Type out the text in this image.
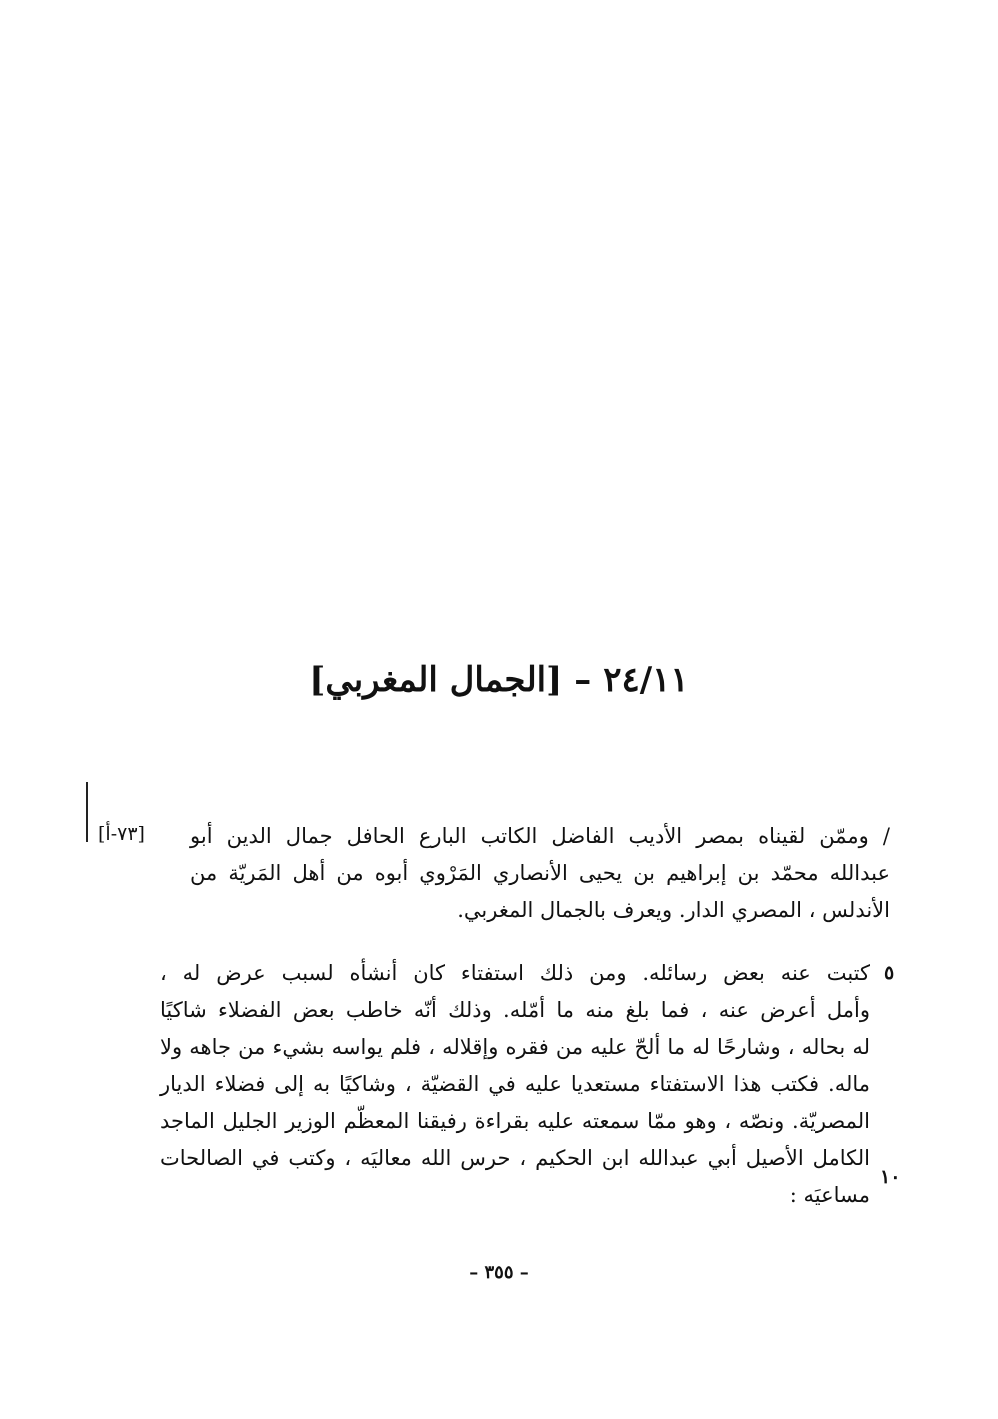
٢٤/١١–[الجمال المغربي]
[٧٣-أ] / وممّن لقيناه بمصر الأديب الفاضل الكاتب البارع الحافل جمال الدين أبو
عبدالله محمّد بن إبراهيم بن يحيى الأنصاري المَرْوي أبوه من أهل المَريّة من
الأندلس ، المصري الدار. ويعرف بالجمال المغربي.
٥
كتبت عنه بعض رسائله. ومن ذلك استفتاء كان أنشأه لسبب عرض له ،
وأمل أعرض عنه ، فما بلغ منه ما أمّله. وذلك أنّه خاطب بعض الفضلاء شاكيًا
له بحاله ، وشارحًا له ما ألحّ عليه من فقره وإقلاله ، فلم يواسه بشيء من جاهه ولا
ماله. فكتب هذا الاستفتاء مستعديا عليه في القضيّة ، وشاكيًا به إلى فضلاء الديار
المصريّة. ونصّه ، وهو ممّا سمعته عليه بقراءة رفيقنا المعظّم الوزير الجليل الماجد
الكامل الأصيل أبي عبدالله ابن الحكيم ، حرس الله معاليَه ، وكتب في الصالحات
مساعيَه :
١٠
– ٣٥٥ –
